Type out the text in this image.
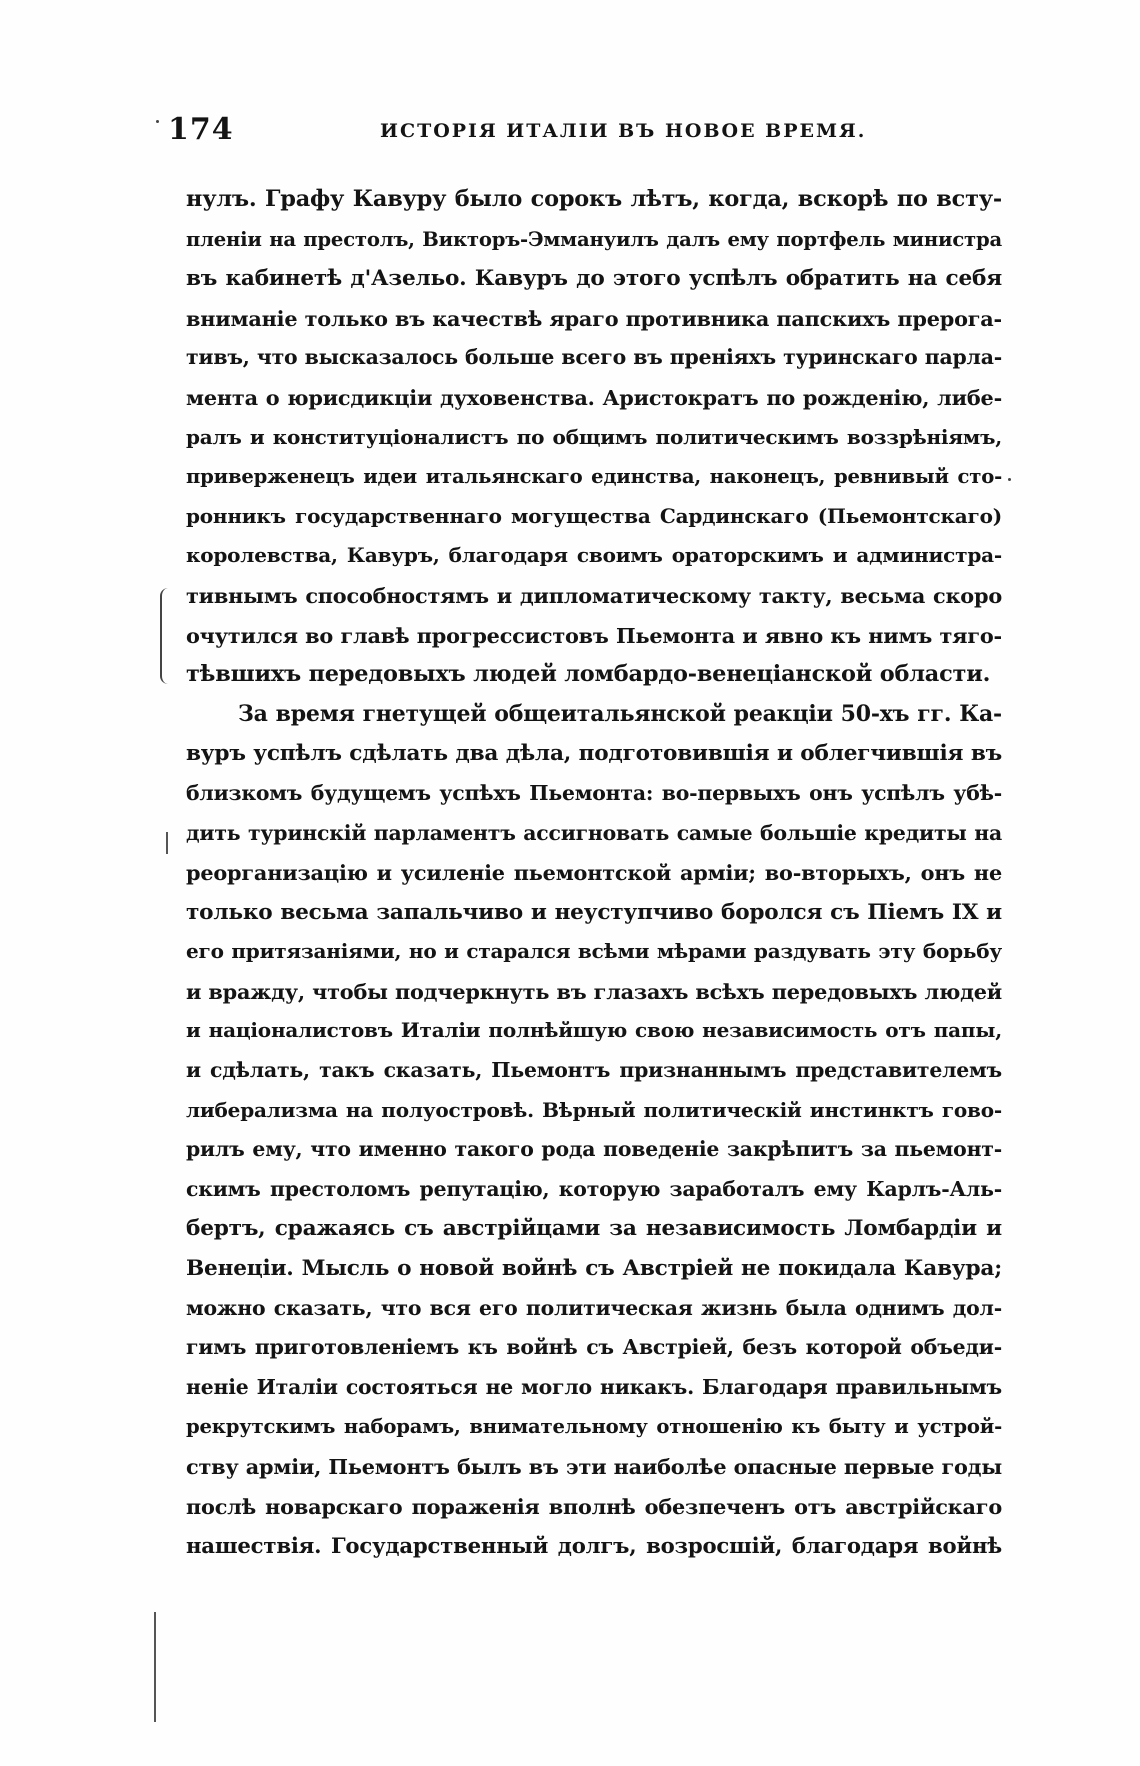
174	ИСТОРІЯ ИТАЛІИ ВЪ НОВОЕ ВРЕМЯ.
нулъ. Графу Кавуру было сорокъ лѣтъ, когда, вскорѣ по всту-
пленіи на престолъ, Викторъ-Эммануилъ далъ ему портфель министра
въ кабинетѣ д'Азельо. Кавуръ до этого успѣлъ обратить на себя
вниманіе только въ качествѣ яраго противника папскихъ прерога-
тивъ, что высказалось больше всего въ преніяхъ туринскаго парла-
мента о юрисдикціи духовенства. Аристократъ по рожденію, либе-
ралъ и конституціоналистъ по общимъ политическимъ воззрѣніямъ,
приверженецъ идеи итальянскаго единства, наконецъ, ревнивый сто-
ронникъ государственнаго могущества Сардинскаго (Пьемонтскаго)
королевства, Кавуръ, благодаря своимъ ораторскимъ и администра-
тивнымъ способностямъ и дипломатическому такту, весьма скоро
очутился во главѣ прогрессистовъ Пьемонта и явно къ нимъ тяго-
тѣвшихъ передовыхъ людей ломбардо-венеціанской области.
За время гнетущей общеитальянской реакціи 50-хъ гг. Ка-
вуръ успѣлъ сдѣлать два дѣла, подготовившія и облегчившія въ
близкомъ будущемъ успѣхъ Пьемонта: во-первыхъ онъ успѣлъ убѣ-
дить туринскій парламентъ ассигновать самые большіе кредиты на
реорганизацію и усиленіе пьемонтской арміи; во-вторыхъ, онъ не
только весьма запальчиво и неуступчиво боролся съ Піемъ IX и
его притязаніями, но и старался всѣми мѣрами раздувать эту борьбу
и вражду, чтобы подчеркнуть въ глазахъ всѣхъ передовыхъ людей
и націоналистовъ Италіи полнѣйшую свою независимость отъ папы,
и сдѣлать, такъ сказать, Пьемонтъ признаннымъ представителемъ
либерализма на полуостровѣ. Вѣрный политическій инстинктъ гово-
рилъ ему, что именно такого рода поведеніе закрѣпитъ за пьемонт-
скимъ престоломъ репутацію, которую заработалъ ему Карлъ-Аль-
бертъ, сражаясь съ австрійцами за независимость Ломбардіи и
Венеціи. Мысль о новой войнѣ съ Австріей не покидала Кавура;
можно сказать, что вся его политическая жизнь была однимъ дол-
гимъ приготовленіемъ къ войнѣ съ Австріей, безъ которой объеди-
неніе Италіи состояться не могло никакъ. Благодаря правильнымъ
рекрутскимъ наборамъ, внимательному отношенію къ быту и устрой-
ству арміи, Пьемонтъ былъ въ эти наиболѣе опасные первые годы
послѣ новарскаго пораженія вполнѣ обезпеченъ отъ австрійскаго
нашествія. Государственный долгъ, возросшій, благодаря войнѣ
